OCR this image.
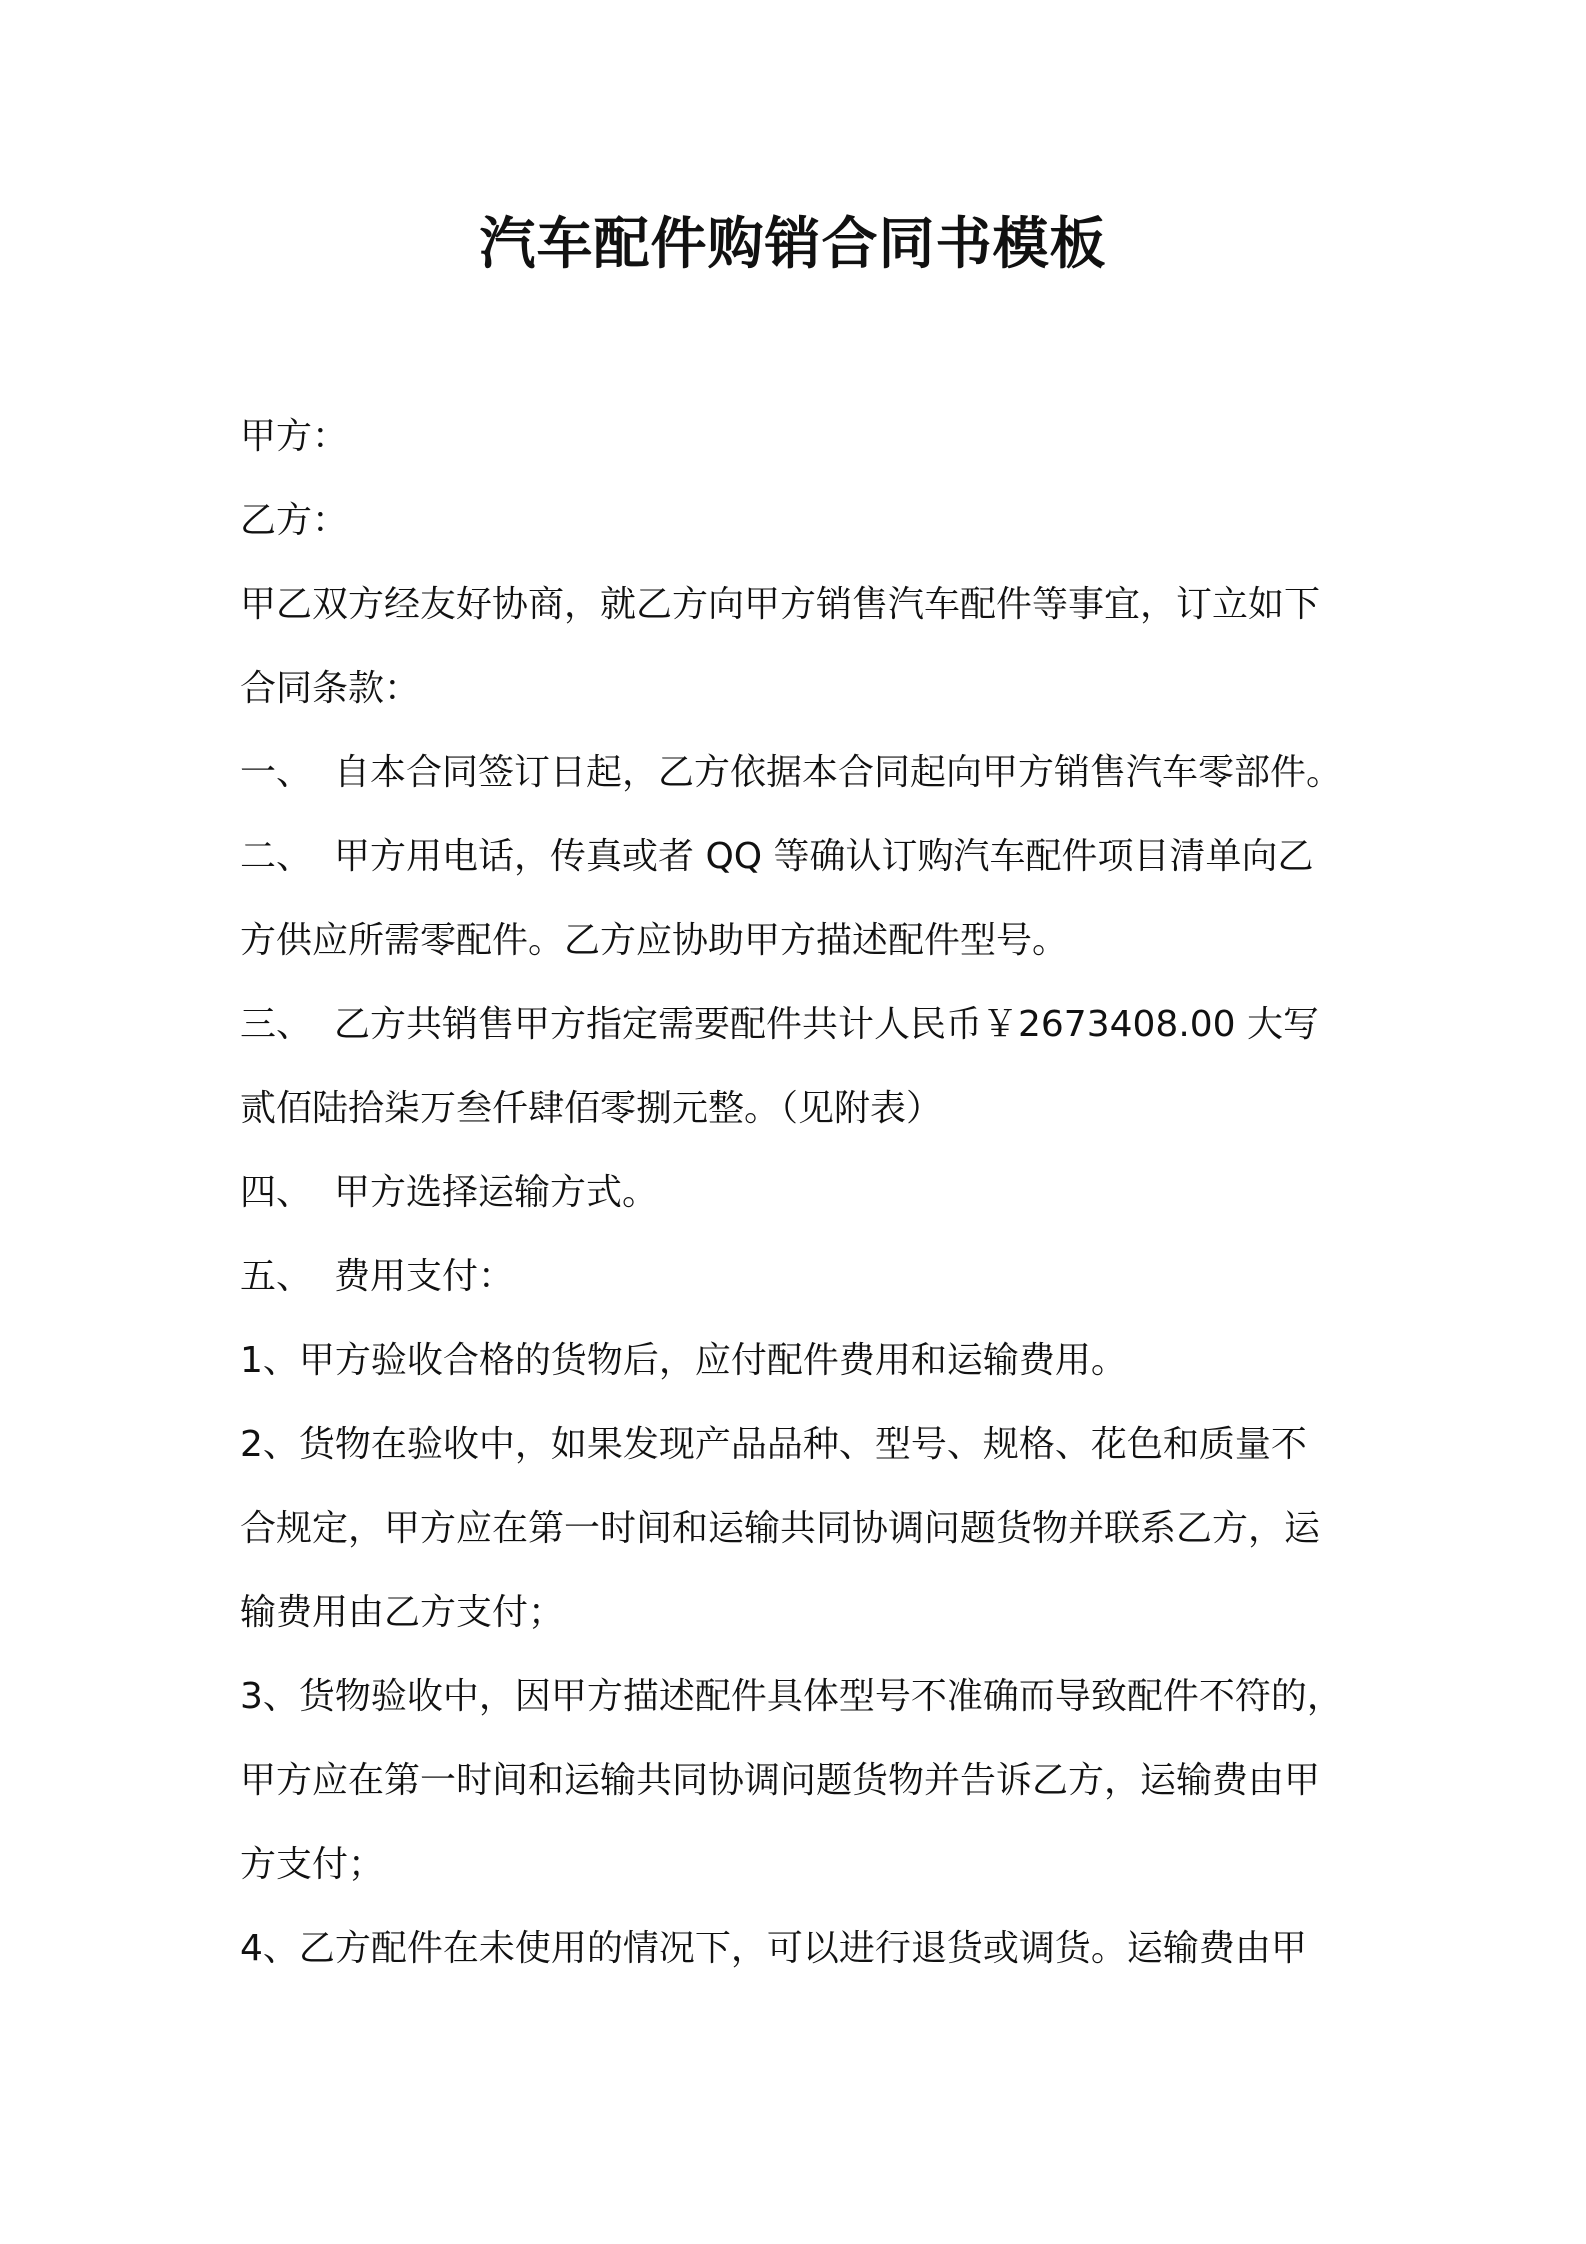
汽车配件购销合同书模板
甲方：
乙方：
甲乙双方经友好协商，就乙方向甲方销售汽车配件等事宜，订立如下
合同条款：
一、 自本合同签订日起，乙方依据本合同起向甲方销售汽车零部件。
二、 甲方用电话，传真或者 QQ 等确认订购汽车配件项目清单向乙
方供应所需零配件。乙方应协助甲方描述配件型号。
三、 乙方共销售甲方指定需要配件共计人民币￥2673408.00 大写
贰佰陆拾柒万叁仟肆佰零捌元整。（见附表）
四、 甲方选择运输方式。
五、 费用支付：
1、甲方验收合格的货物后，应付配件费用和运输费用。
2、货物在验收中，如果发现产品品种、型号、规格、花色和质量不
合规定，甲方应在第一时间和运输共同协调问题货物并联系乙方，运
输费用由乙方支付；
3、货物验收中，因甲方描述配件具体型号不准确而导致配件不符的，
甲方应在第一时间和运输共同协调问题货物并告诉乙方，运输费由甲
方支付；
4、乙方配件在未使用的情况下，可以进行退货或调货。运输费由甲
